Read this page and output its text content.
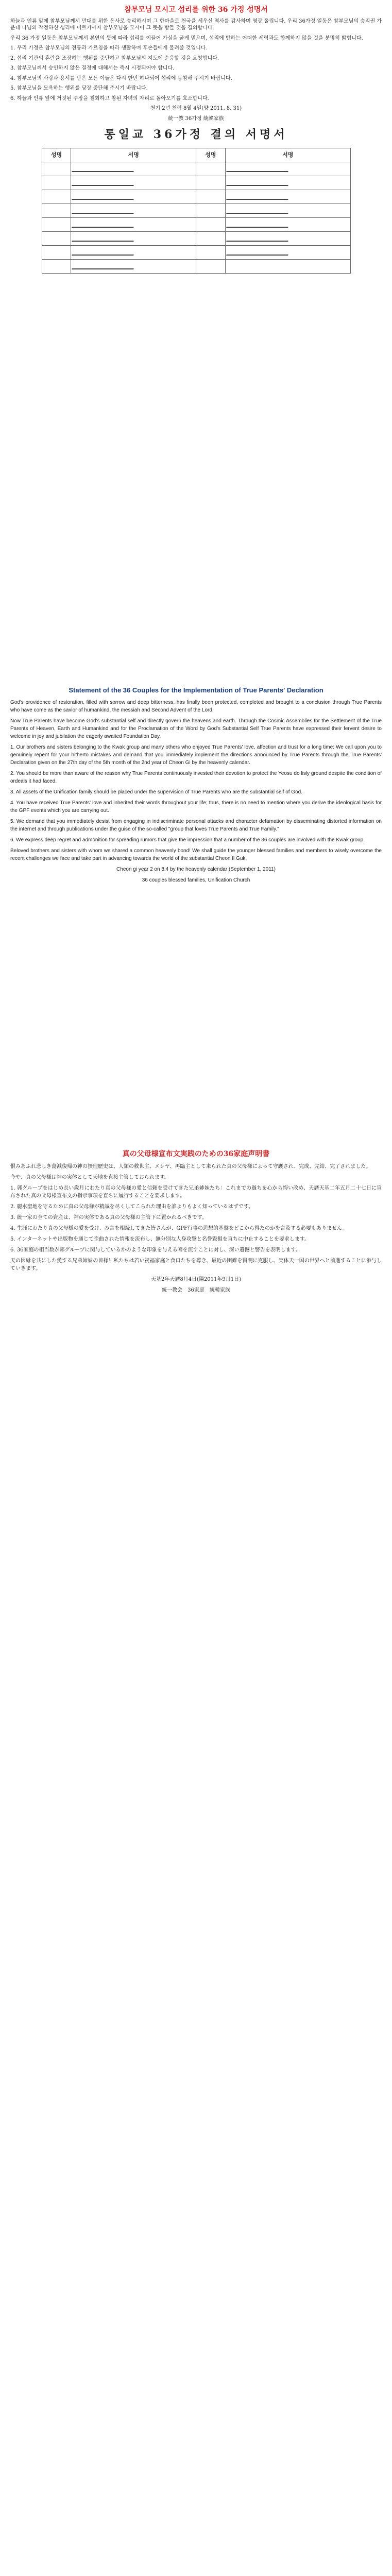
참부모님 모시고 섭리를 위한 36 가정 성명서

하늘과 인류 앞에 참부모님께서 만대를 위한 은사로 승리하시며 그 한마을로 천국을 세우신 역사를 감사하며 영광 올립니다. 우리 36가정 일동은 참부모님의 승리권 가운데 나님의 작정하신 섭리에 이르기까지 참부모님을 모시어 그 뜻을 받들 것을 결의합니다.

우리 36 가정 일동은 참부모님께서 본연의 뜻에 따라 섭리를 이끌어 가심을 굳게 믿으며, 섭리에 반하는 어떠한 세력과도 함께하지 않을 것을 분명히 밝힙니다.

1. 우리 가정은 참부모님의 전통과 가르침을 따라 생활하며 후손들에게 물려줄 것입니다.

2. 섭리 기관의 혼란을 조장하는 행위를 중단하고 참부모님의 지도에 순응할 것을 요청합니다.

3. 참부모님께서 승인하지 않은 결정에 대해서는 즉시 시정되어야 합니다.

4. 참부모님의 사랑과 용서를 받은 모든 이들은 다시 한번 하나되어 섭리에 동참해 주시기 바랍니다.

5. 참부모님을 모욕하는 행위를 당장 중단해 주시기 바랍니다.

6. 하늘과 인류 앞에 거짓된 주장을 철회하고 참된 자녀의 자리로 돌아오기를 호소합니다.

천기 2년 천력 8월 4일(양 2011. 8. 31)
統一教 36가정 統韓家族
통일교 36가정 결의 서명서
성명	서명	성명	서명

Statement of the 36 Couples for the Implementation of True Parents' Declaration

God's providence of restoration, filled with sorrow and deep bitterness, has finally been protected, completed and brought to a conclusion through True Parents who have come as the savior of humankind, the messiah and Second Advent of the Lord.

Now True Parents have become God's substantial self and directly govern the heavens and earth. Through the Cosmic Assemblies for the Settlement of the True Parents of Heaven, Earth and Humankind and for the Proclamation of the Word by God's Substantial Self True Parents have expressed their fervent desire to welcome in joy and jubilation the eagerly awaited Foundation Day.

1. Our brothers and sisters belonging to the Kwak group and many others who enjoyed True Parents' love, affection and trust for a long time: We call upon you to genuinely repent for your hitherto mistakes and demand that you immediately implement the directions announced by True Parents through the True Parents' Declaration given on the 27th day of the 5th month of the 2nd year of Cheon Gi by the heavenly calendar.

2. You should be more than aware of the reason why True Parents continuously invested their devotion to protect the Yeosu do lisly ground despite the condition of ordeals it had faced.

3. All assets of the Unification family should be placed under the supervision of True Parents who are the substantial self of God.

4. You have received True Parents' love and inherited their words throughout your life; thus, there is no need to mention where you derive the ideological basis for the GPF events which you are carrying out.

5. We demand that you immediately desist from engaging in indiscriminate personal attacks and character defamation by disseminating distorted information on the internet and through publications under the guise of the so-called "group that loves True Parents and True Family."

6. We express deep regret and admonition for spreading rumors that give the impression that a number of the 36 couples are involved with the Kwak group.

Beloved brothers and sisters with whom we shared a common heavenly bond! We shall guide the younger blessed families and members to wisely overcome the recent challenges we face and take part in advancing towards the world of the substantial Cheon Il Guk.

Cheon gi year 2 on 8.4 by the heavenly calendar (September 1, 2011)
36 couples blessed families, Unification Church
真の父母様宣布文実践のための36家庭声明書

恨みあふれ悲しき蕩減復帰の神の摂理歴史は、人類の救世主、メシヤ、再臨主として来られた真の父母様によって守護され、完成、完結、完了されました。

今や、真の父母様は神の実体として天地を直接主管しておられます。

1. 郭グループをはじめ長い歳月にわたり真の父母様の愛と信頼を受けてきた兄弟姉妹たち：これまでの過ちを心から悔い改め、天暦天基二年五月二十七日に宣布された真の父母様宣布文の指示事項を直ちに履行することを要求します。

2. 麗水聖地を守るために真の父母様が精誠を尽くしてこられた理由を誰よりもよく知っているはずです。

3. 統一家の全ての資産は、神の実体である真の父母様の主管下に置かれるべきです。

4. 生涯にわたり真の父母様の愛を受け、み言を相続してきた皆さんが、GPF行事の思想的基盤をどこから得たのかを言及する必要もありません。

5. インターネットや出版物を通じて歪曲された情報を流布し、無分別な人身攻撃と名誉毀損を直ちに中止することを要求します。

6. 36家庭の相当数が郭グループに関与しているかのような印象を与える噂を流すことに対し、深い遺憾と警告を表明します。

天の因縁を共にした愛する兄弟姉妹の皆様！私たちは若い祝福家庭と食口たちを導き、最近の困難を賢明に克服し、実体天一国の世界へと前進することに参与していきます。

天基2年天暦8月4日(陽2011年9月1日)
統一教会　36家庭　統韓家族
